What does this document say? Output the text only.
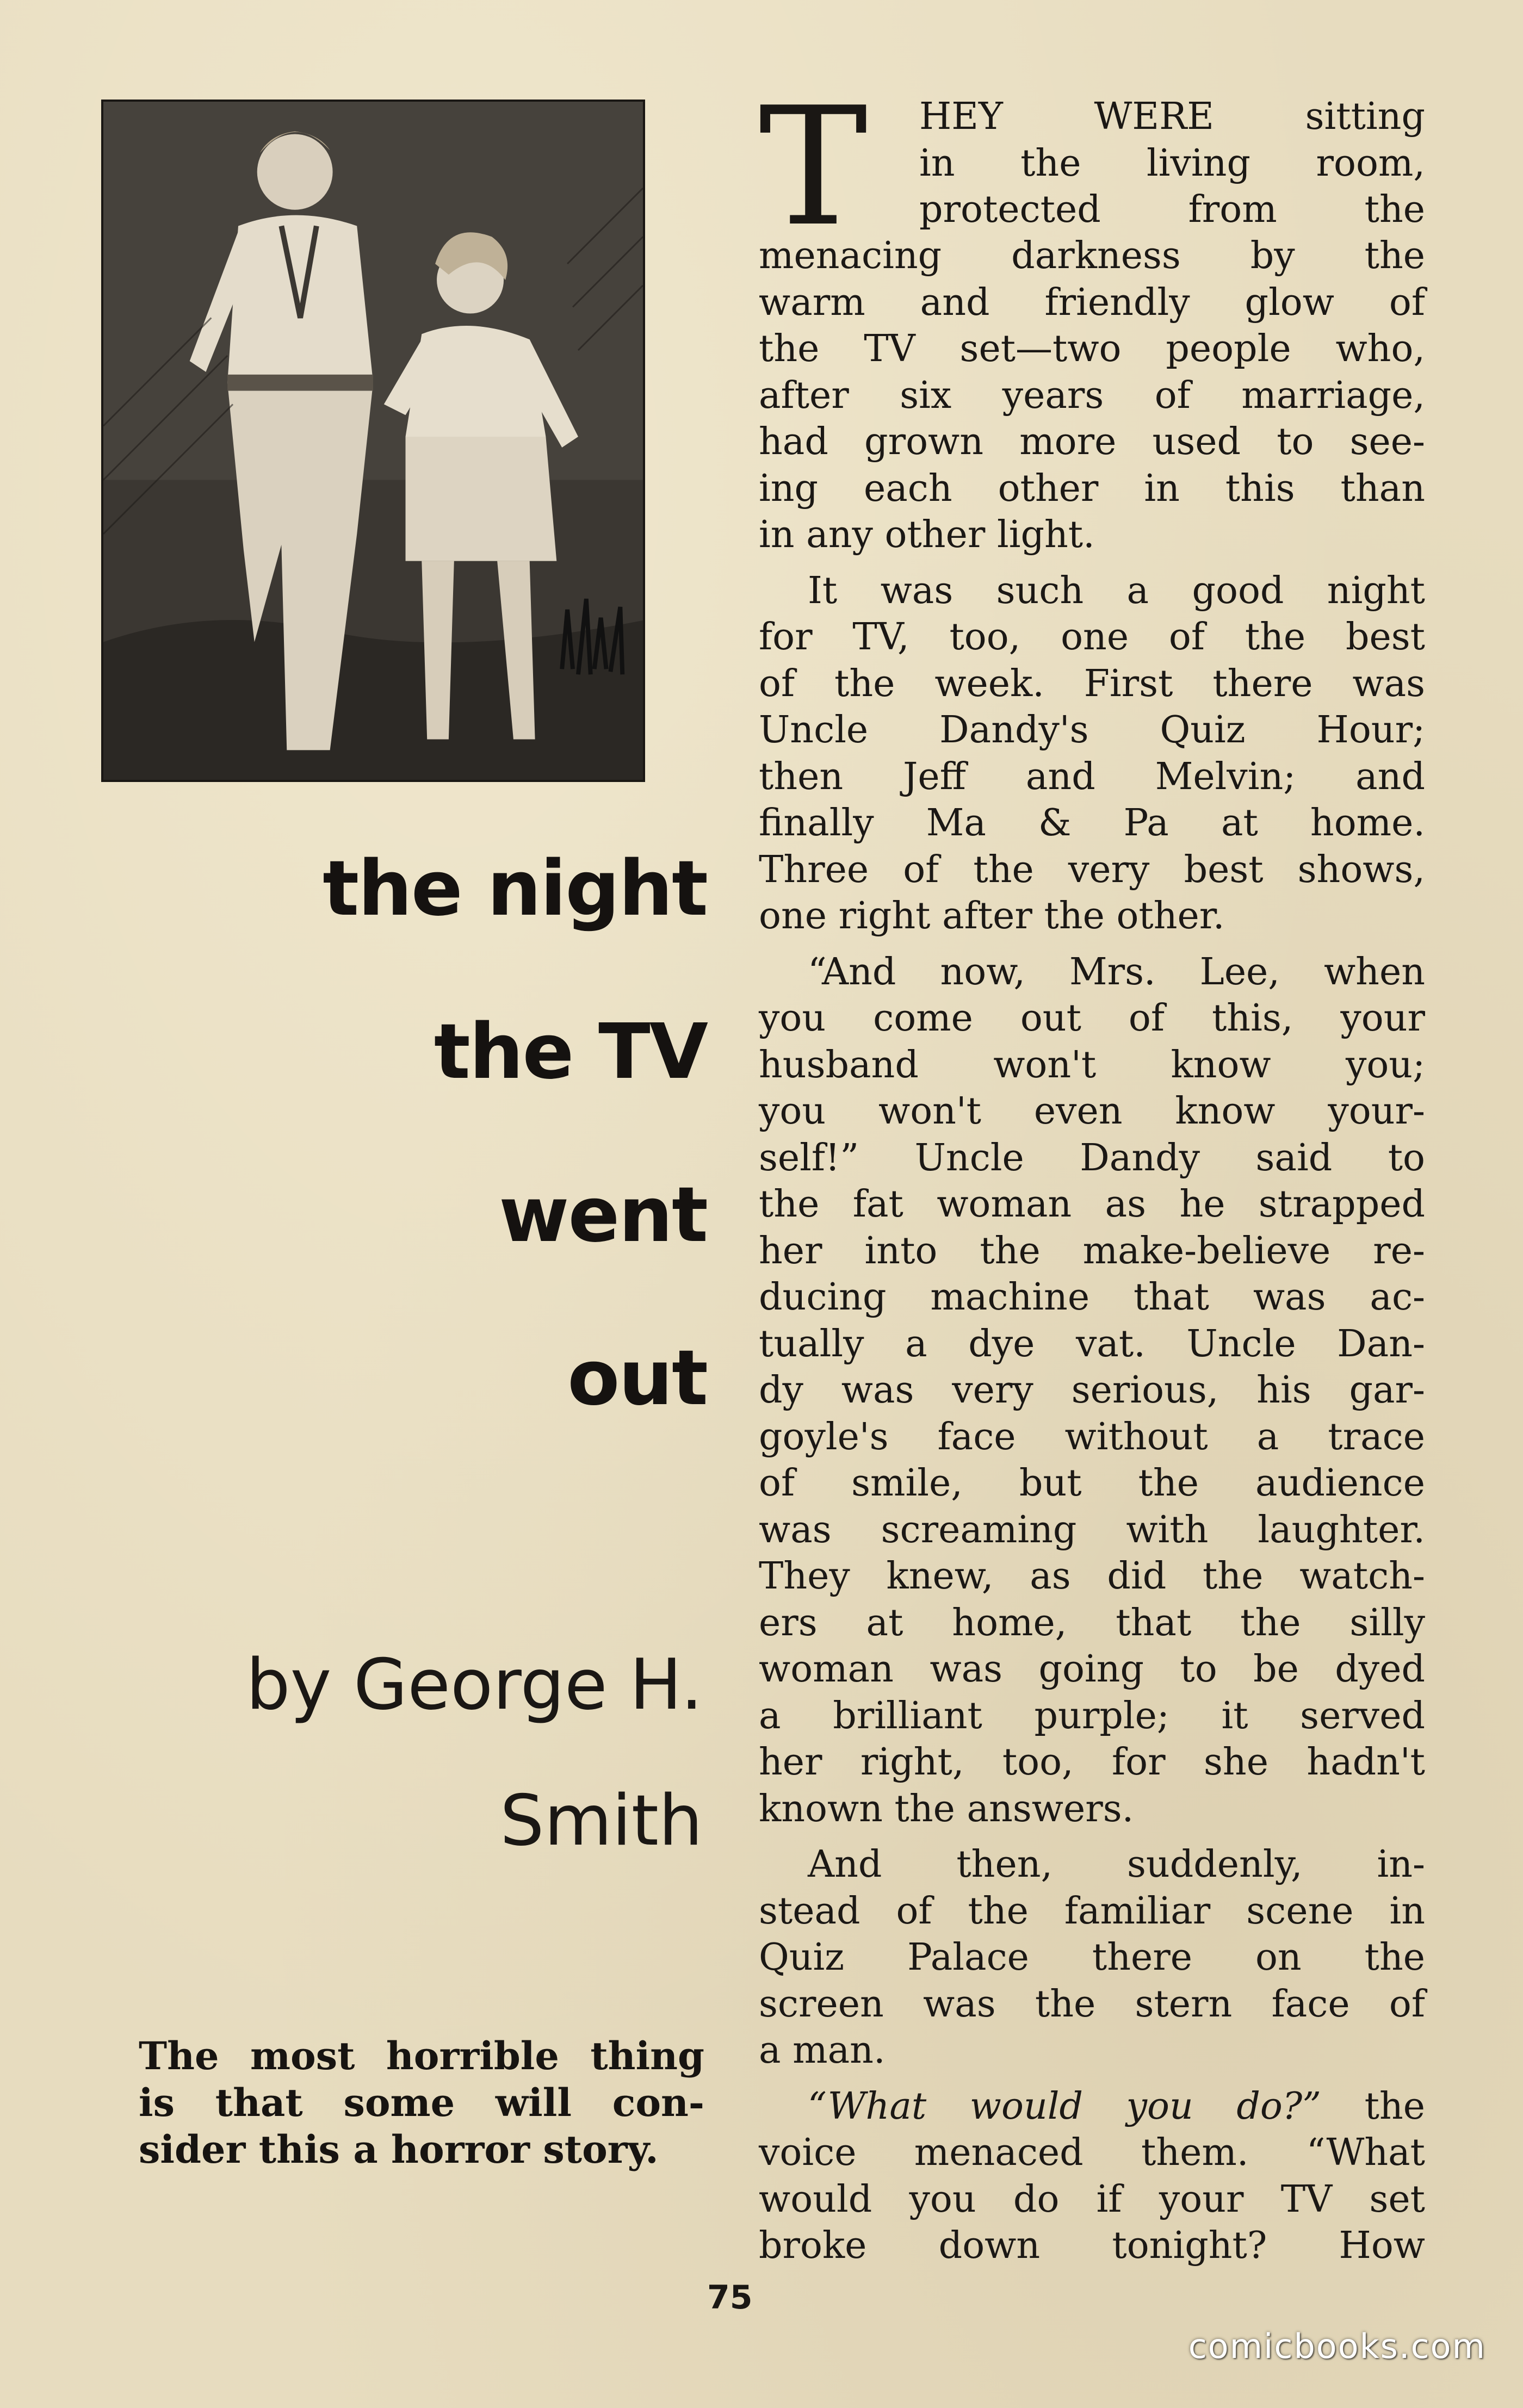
the night
the TV
went
out

by George H.

Smith

The most horrible thing
is that some will con-
sider this a horror story.
T HEY WERE sitting
in the living room,
protected from the
menacing darkness by the
warm and friendly glow of
the TV set—two people who,
after six years of marriage,
had grown more used to see-
ing each other in this than
in any other light.
It was such a good night
for TV, too, one of the best
of the week. First there was
Uncle Dandy's Quiz Hour;
then Jeff and Melvin; and
finally Ma & Pa at home.
Three of the very best shows,
one right after the other.
“And now, Mrs. Lee, when
you come out of this, your
husband won't know you;
you won't even know your-
self!” Uncle Dandy said to
the fat woman as he strapped
her into the make-believe re-
ducing machine that was ac-
tually a dye vat. Uncle Dan-
dy was very serious, his gar-
goyle's face without a trace
of smile, but the audience
was screaming with laughter.
They knew, as did the watch-
ers at home, that the silly
woman was going to be dyed
a brilliant purple; it served
her right, too, for she hadn't
known the answers.
And then, suddenly, in-
stead of the familiar scene in
Quiz Palace there on the
screen was the stern face of
a man.
“What would you do?” the
voice menaced them. “What
would you do if your TV set
broke down tonight? How
75
comicbooks.com
